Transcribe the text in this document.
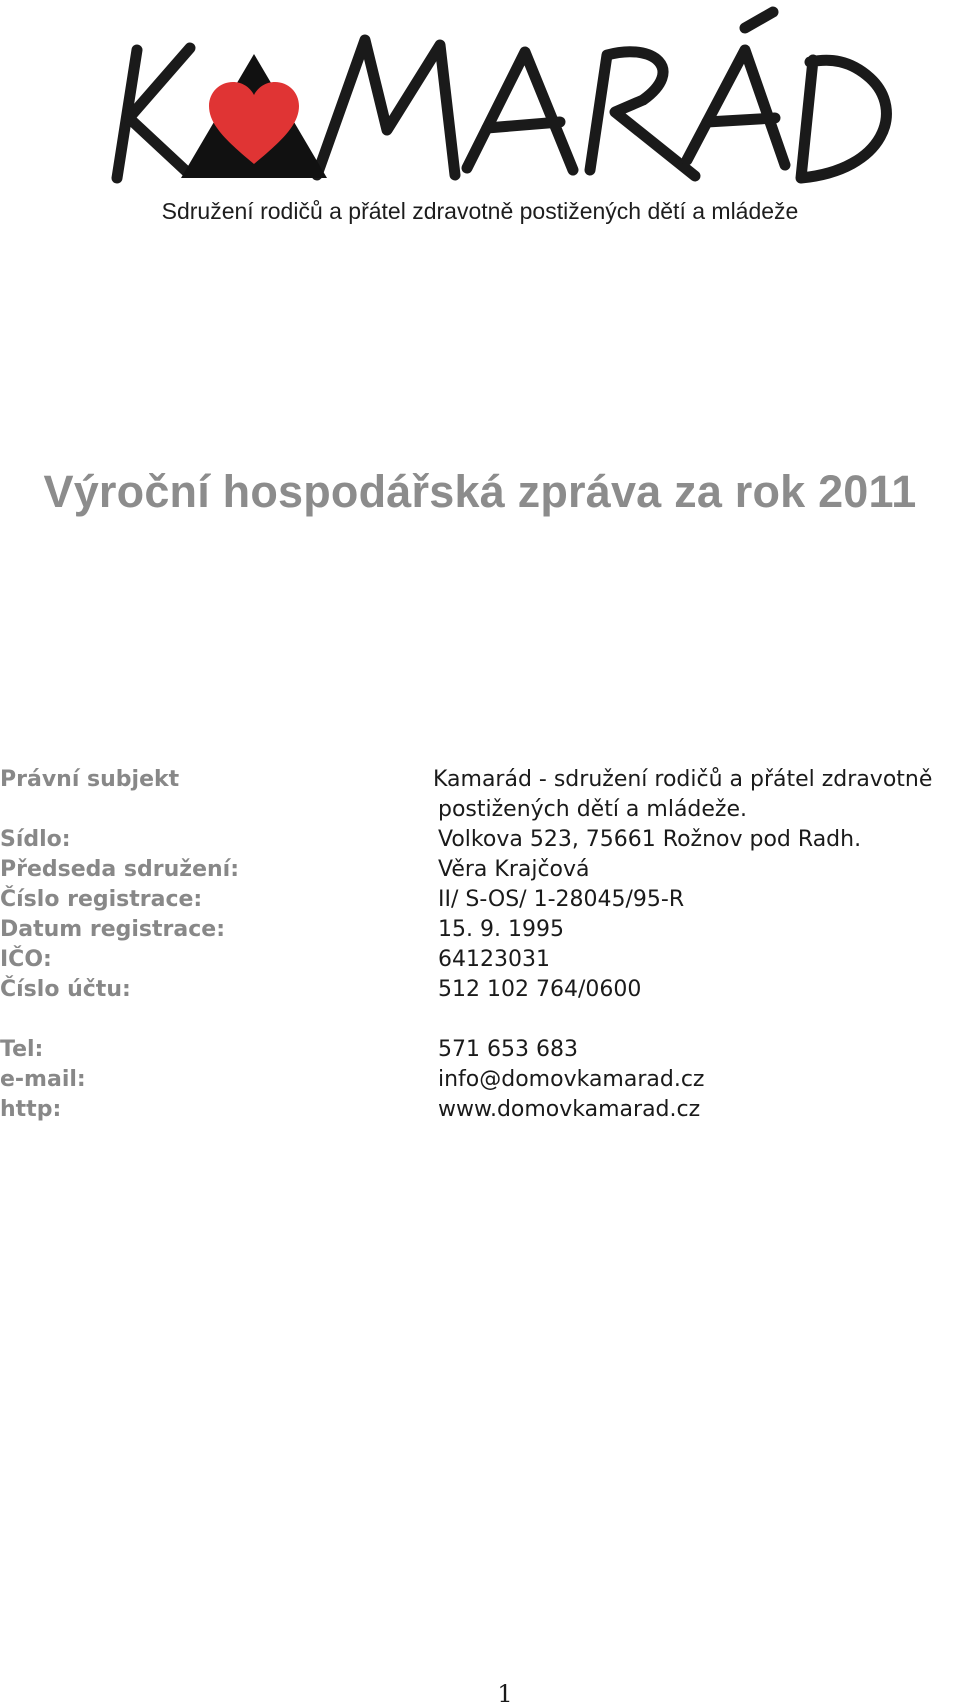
Sdružení rodičů a přátel zdravotně postižených dětí a mládeže
Výroční hospodářská zpráva za rok 2011
Právní subjekt	Kamarád - sdružení rodičů a přátel zdravotně
postižených dětí a mládeže.
Sídlo:	Volkova 523, 75661 Rožnov pod Radh.
Předseda sdružení:	Věra Krajčová
Číslo registrace:	II/ S-OS/ 1-28045/95-R
Datum registrace:	15. 9. 1995
IČO:	64123031
Číslo účtu:	512 102 764/0600
Tel:	571 653 683
e-mail:	info@domovkamarad.cz
http:	www.domovkamarad.cz
1
